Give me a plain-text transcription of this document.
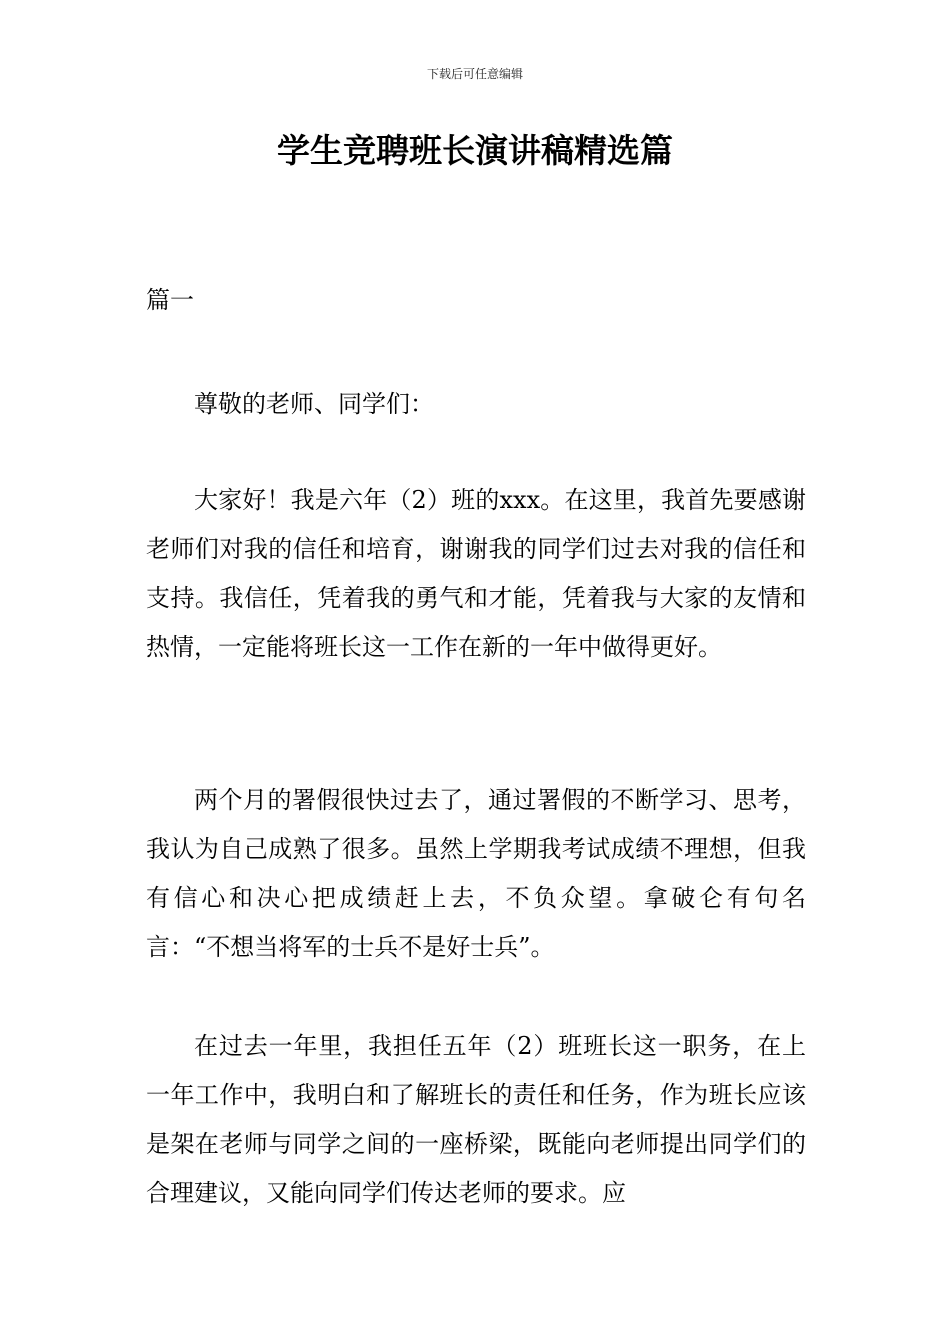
下载后可任意编辑
学生竞聘班长演讲稿精选篇
篇一

尊敬的老师、同学们：

大家好！我是六年（2）班的xxx。在这里，我首先要感谢老师们对我的信任和培育，谢谢我的同学们过去对我的信任和支持。我信任，凭着我的勇气和才能，凭着我与大家的友情和热情，一定能将班长这一工作在新的一年中做得更好。

两个月的署假很快过去了，通过署假的不断学习、思考，我认为自己成熟了很多。虽然上学期我考试成绩不理想，但我有信心和决心把成绩赶上去，不负众望。拿破仑有句名言：“不想当将军的士兵不是好士兵”。

在过去一年里，我担任五年（2）班班长这一职务，在上一年工作中，我明白和了解班长的责任和任务，作为班长应该是架在老师与同学之间的一座桥梁，既能向老师提出同学们的合理建议，又能向同学们传达老师的要求。应
